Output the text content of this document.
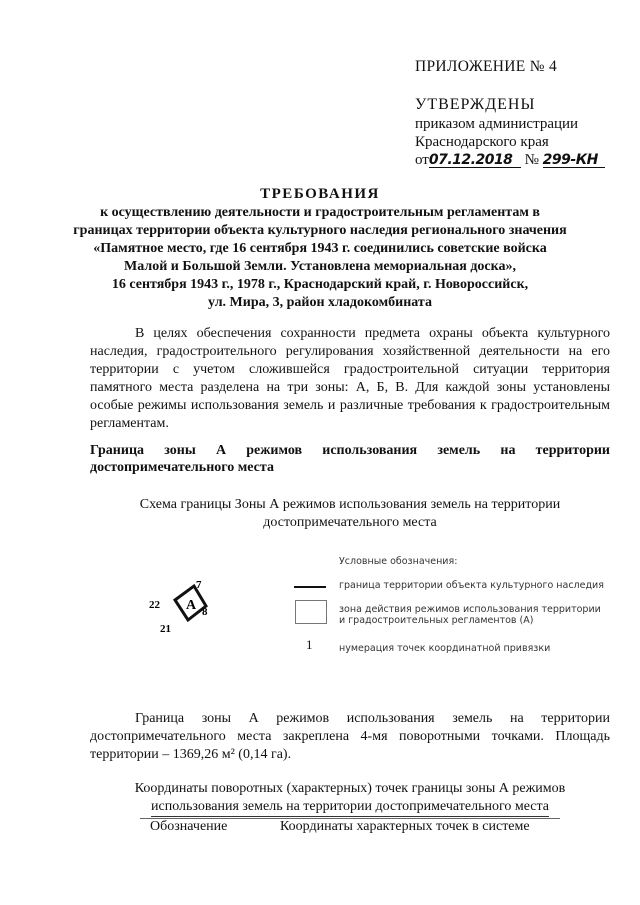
ПРИЛОЖЕНИЕ № 4
УТВЕРЖДЕНЫ
приказом администрации
Краснодарского края
от07.12.2018 № 299-КН
ТРЕБОВАНИЯ
к осуществлению деятельности и градостроительным регламентам в
границах территории объекта культурного наследия регионального значения
«Памятное место, где 16 сентября 1943 г. соединились советские войска
Малой и Большой Земли. Установлена мемориальная доска»,
16 сентября 1943 г., 1978 г., Краснодарский край, г. Новороссийск,
ул. Мира, 3, район хладокомбината
В целях обеспечения сохранности предмета охраны объекта культурного наследия, градостроительного регулирования хозяйственной деятельности на его территории с учетом сложившейся градостроительной ситуации территория памятного места разделена на три зоны: А, Б, В. Для каждой зоны установлены особые режимы использования земель и различные требования к градостроительным регламентам.
Граница зоны А режимов использования земель на территории достопримечательного места
Схема границы Зоны А режимов использования земель на территории
достопримечательного места
А
7
22
8
21
Условные обозначения:
граница территории объекта культурного наследия
зона действия режимов использования территории
и градостроительных регламентов (А)
1	нумерация точек координатной привязки
Граница зоны А режимов использования земель на территории достопримечательного места закреплена 4-мя поворотными точками. Площадь территории – 1369,26 м² (0,14 га).
Координаты поворотных (характерных) точек границы зоны А режимов
использования земель на территории достопримечательного места
Обозначение	Координаты характерных точек в системе
